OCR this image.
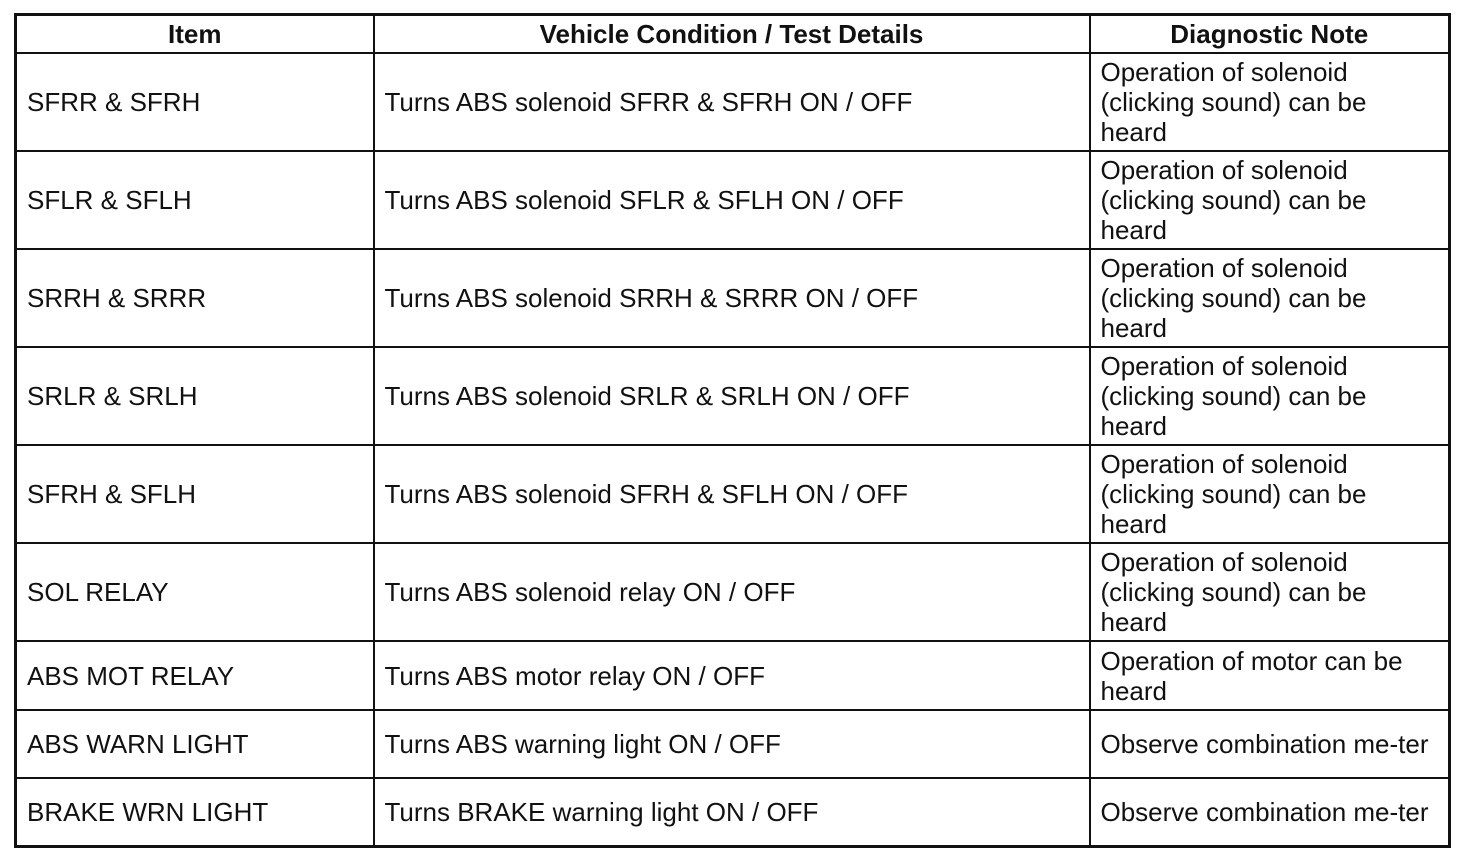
Item	Vehicle Condition / Test Details	Diagnostic Note
SFRR & SFRH	Turns ABS solenoid SFRR & SFRH ON / OFF	Operation of solenoid (clicking sound) can be heard
SFLR & SFLH	Turns ABS solenoid SFLR & SFLH ON / OFF	Operation of solenoid (clicking sound) can be heard
SRRH & SRRR	Turns ABS solenoid SRRH & SRRR ON / OFF	Operation of solenoid (clicking sound) can be heard
SRLR & SRLH	Turns ABS solenoid SRLR & SRLH ON / OFF	Operation of solenoid (clicking sound) can be heard
SFRH & SFLH	Turns ABS solenoid SFRH & SFLH ON / OFF	Operation of solenoid (clicking sound) can be heard
SOL RELAY	Turns ABS solenoid relay ON / OFF	Operation of solenoid (clicking sound) can be heard
ABS MOT RELAY	Turns ABS motor relay ON / OFF	Operation of motor can be heard
ABS WARN LIGHT	Turns ABS warning light ON / OFF	Observe combination me-ter
BRAKE WRN LIGHT	Turns BRAKE warning light ON / OFF	Observe combination me-ter
